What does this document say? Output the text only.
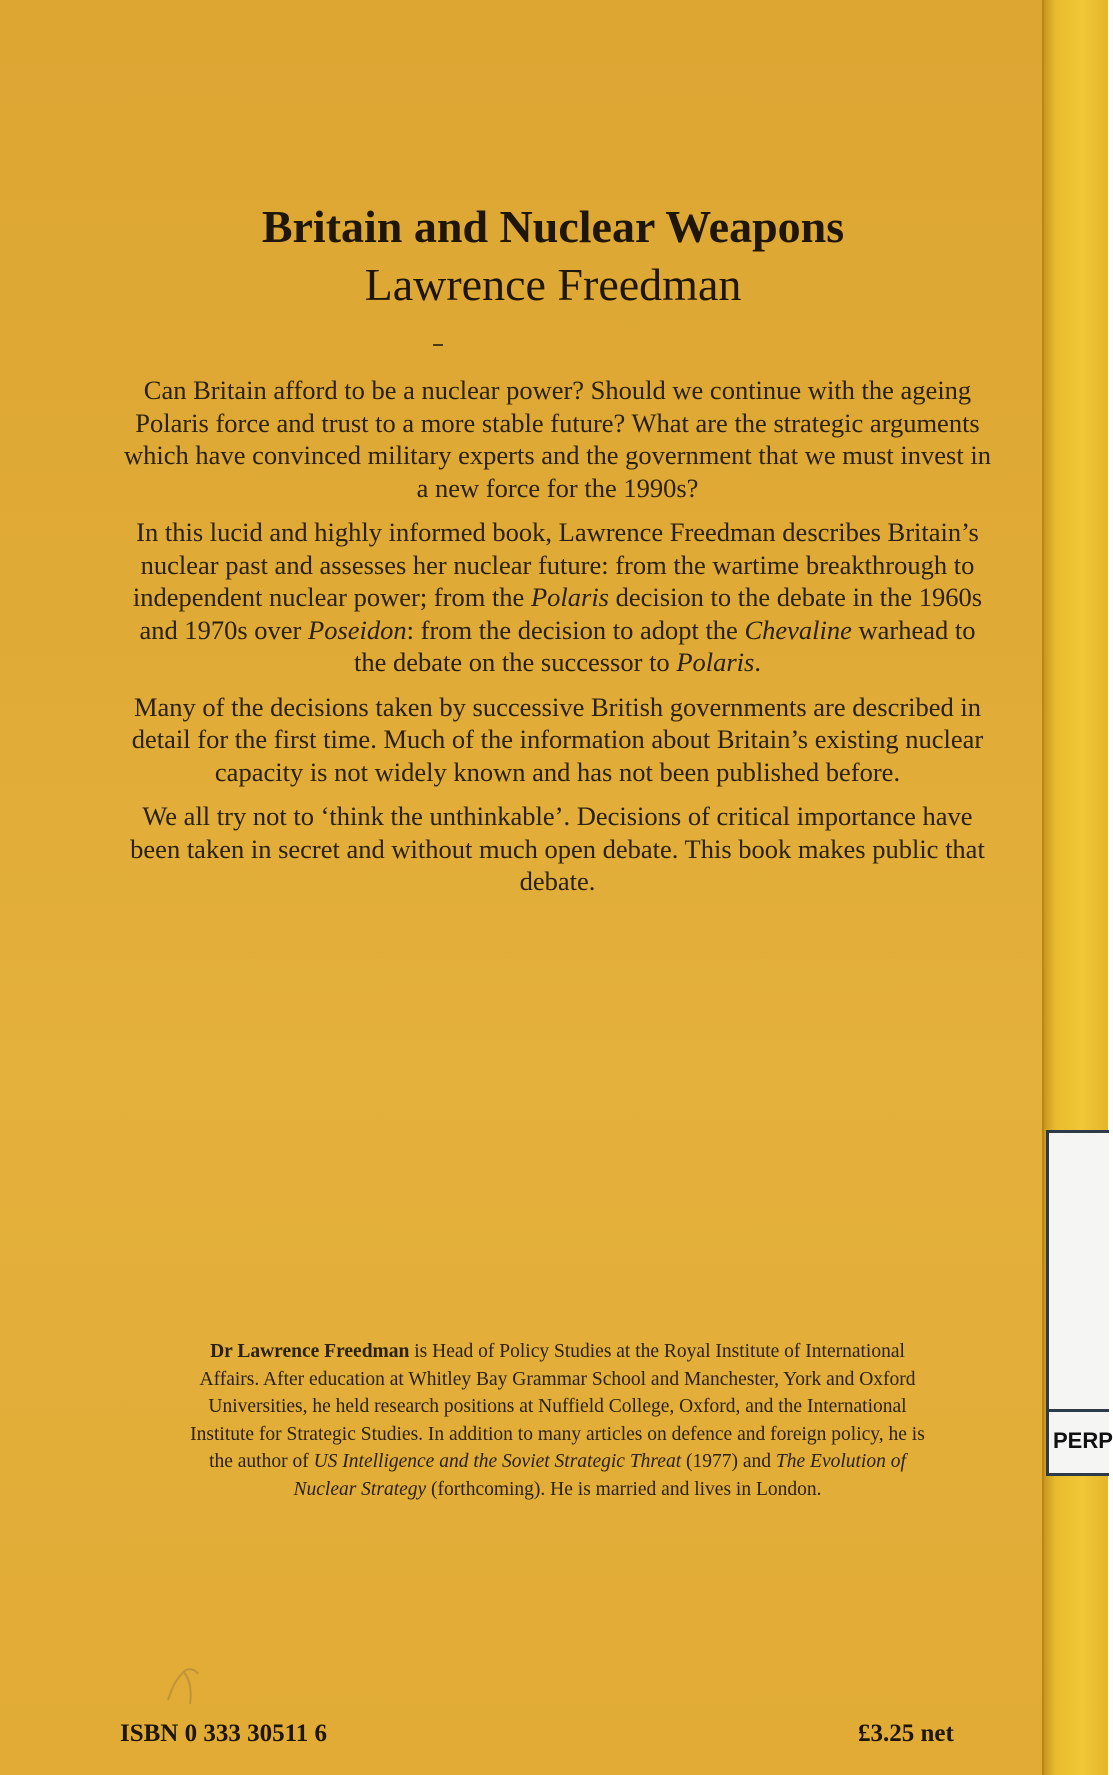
PERP
Britain and Nuclear Weapons
Lawrence Freedman

Can Britain afford to be a nuclear power? Should we continue with the ageing Polaris force and trust to a more stable future? What are the strategic arguments which have convinced military experts and the government that we must invest in a new force for the 1990s?

In this lucid and highly informed book, Lawrence Freedman describes Britain’s nuclear past and assesses her nuclear future: from the wartime breakthrough to independent nuclear power; from the Polaris decision to the debate in the 1960s and 1970s over Poseidon: from the decision to adopt the Chevaline warhead to the debate on the successor to Polaris.

Many of the decisions taken by successive British governments are described in detail for the first time. Much of the information about Britain’s existing nuclear capacity is not widely known and has not been published before.

We all try not to ‘think the unthinkable’. Decisions of critical importance have been taken in secret and without much open debate. This book makes public that debate.

Dr Lawrence Freedman is Head of Policy Studies at the Royal Institute of International Affairs. After education at Whitley Bay Grammar School and Manchester, York and Oxford Universities, he held research positions at Nuffield College, Oxford, and the International Institute for Strategic Studies. In addition to many articles on defence and foreign policy, he is the author of US Intelligence and the Soviet Strategic Threat (1977) and The Evolution of Nuclear Strategy (forthcoming). He is married and lives in London.
ISBN 0 333 30511 6	£3.25 net
